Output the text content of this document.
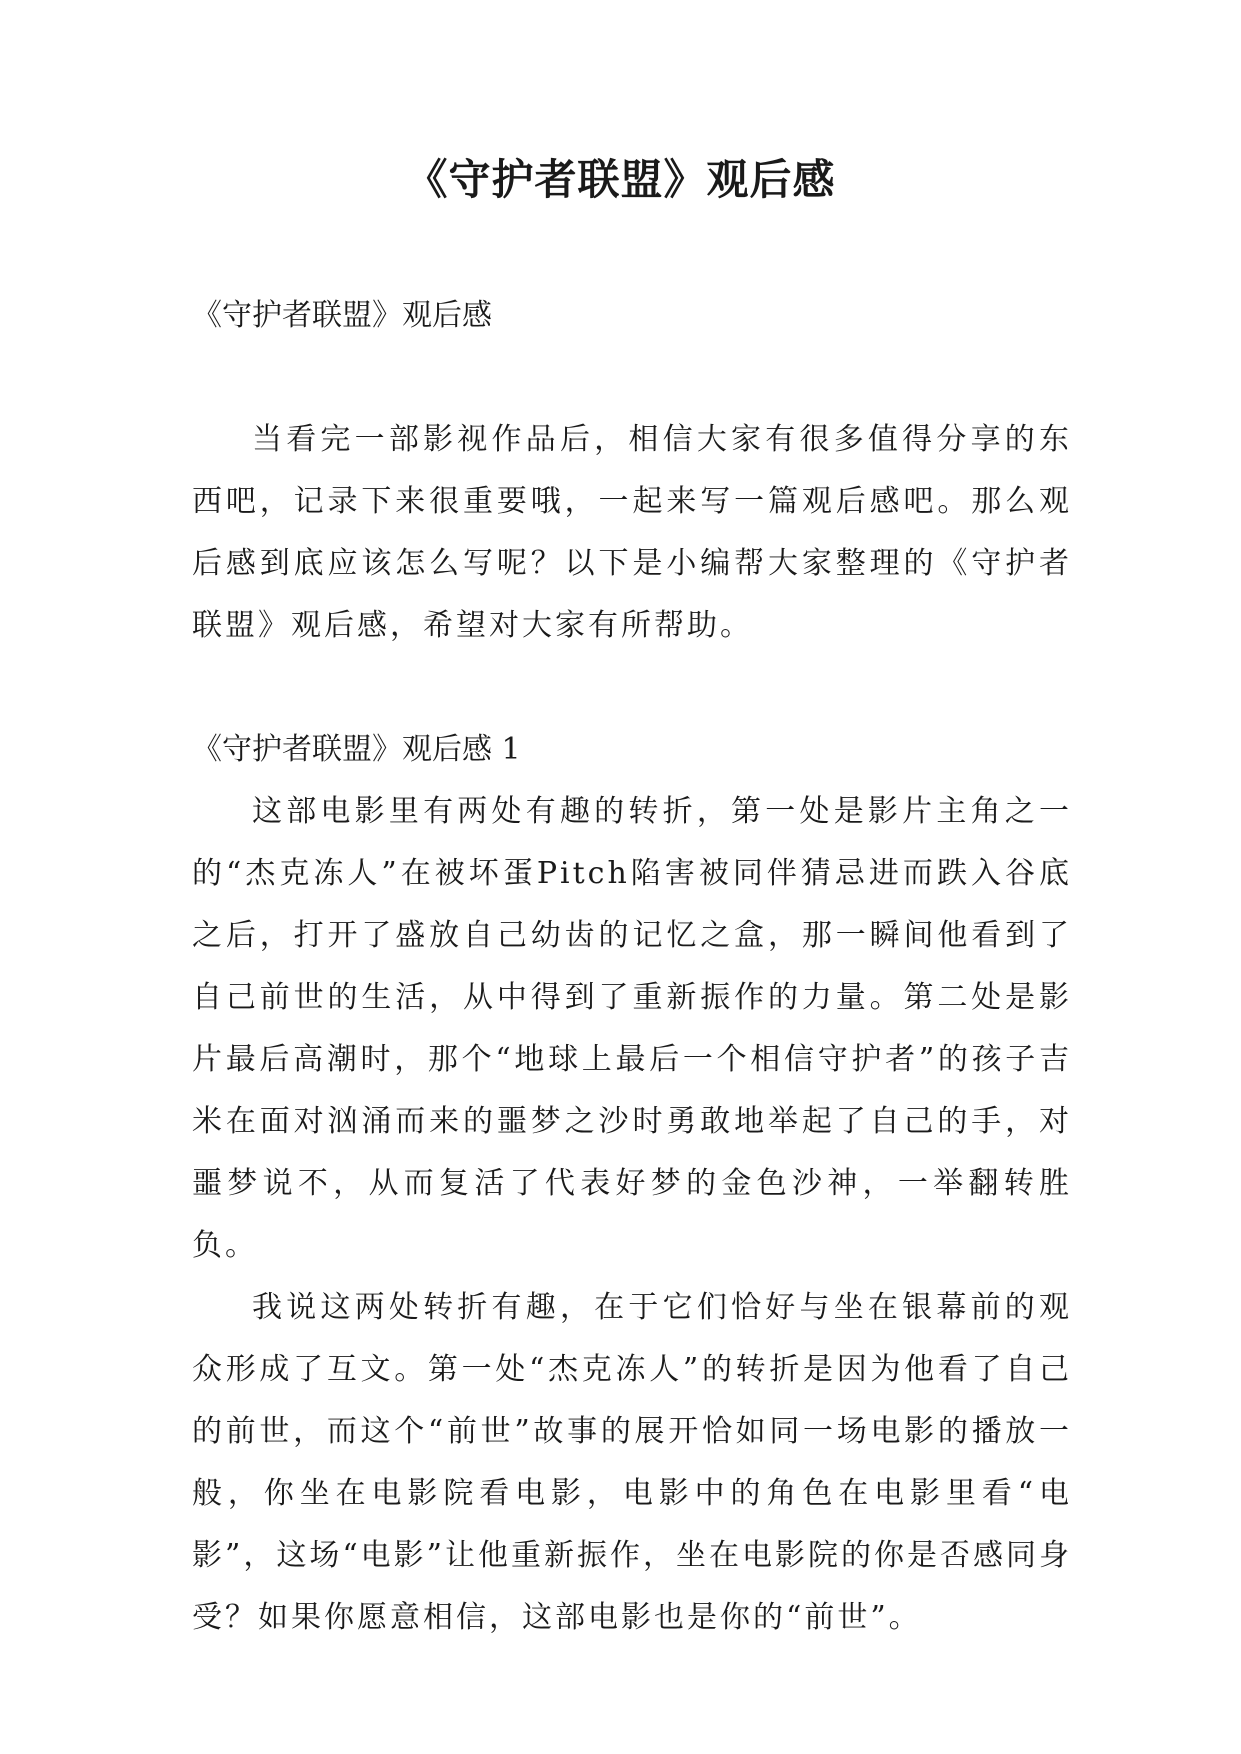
《守护者联盟》观后感

《守护者联盟》观后感

当看完一部影视作品后，相信大家有很多值得分享的东西吧，记录下来很重要哦，一起来写一篇观后感吧。那么观后感到底应该怎么写呢？以下是小编帮大家整理的《守护者联盟》观后感，希望对大家有所帮助。

《守护者联盟》观后感 1

这部电影里有两处有趣的转折，第一处是影片主角之一的“杰克冻人”在被坏蛋Pitch陷害被同伴猜忌进而跌入谷底之后，打开了盛放自己幼齿的记忆之盒，那一瞬间他看到了自己前世的生活，从中得到了重新振作的力量。第二处是影片最后高潮时，那个“地球上最后一个相信守护者”的孩子吉米在面对汹涌而来的噩梦之沙时勇敢地举起了自己的手，对噩梦说不，从而复活了代表好梦的金色沙神，一举翻转胜负。

我说这两处转折有趣，在于它们恰好与坐在银幕前的观众形成了互文。第一处“杰克冻人”的转折是因为他看了自己的前世，而这个“前世”故事的展开恰如同一场电影的播放一般，你坐在电影院看电影，电影中的角色在电影里看“电影”，这场“电影”让他重新振作，坐在电影院的你是否感同身受？如果你愿意相信，这部电影也是你的“前世”。
